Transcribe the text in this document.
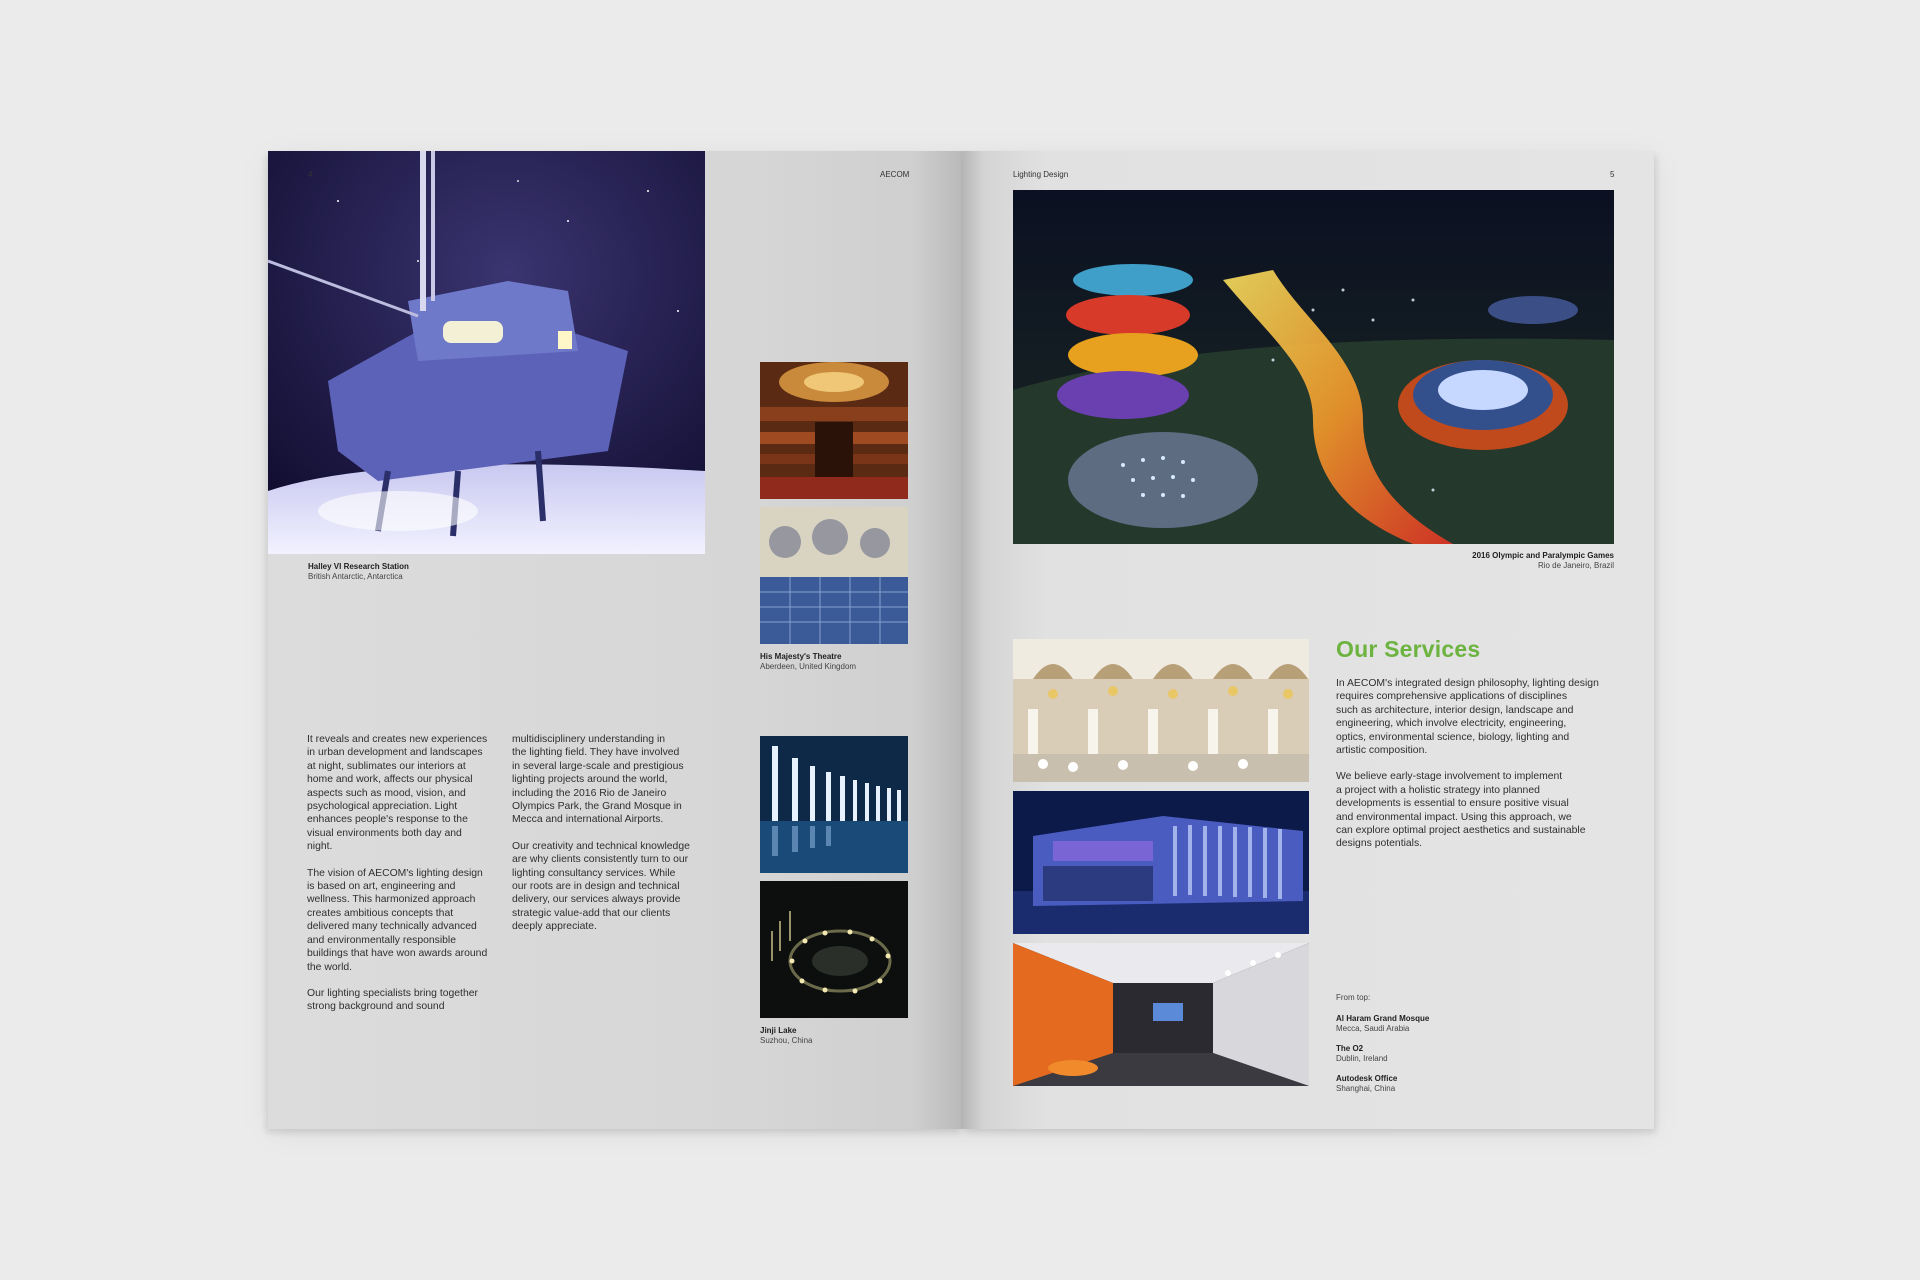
4	AECOM
Halley VI Research Station
British Antarctic, Antarctica
His Majesty's Theatre
Aberdeen, United Kingdom
Jinji Lake
Suzhou, China

It reveals and creates new experiences
in urban development and landscapes
at night, sublimates our interiors at
home and work, affects our physical
aspects such as mood, vision, and
psychological appreciation. Light
enhances people's response to the
visual environments both day and
night.

The vision of AECOM's lighting design
is based on art, engineering and
wellness. This harmonized approach
creates ambitious concepts that
delivered many technically advanced
and environmentally responsible
buildings that have won awards around
the world.

Our lighting specialists bring together
strong background and sound

multidisciplinery understanding in
the lighting field. They have involved
in several large-scale and prestigious
lighting projects around the world,
including the 2016 Rio de Janeiro
Olympics Park, the Grand Mosque in
Mecca and international Airports.

Our creativity and technical knowledge
are why clients consistently turn to our
lighting consultancy services. While
our roots are in design and technical
delivery, our services always provide
strategic value-add that our clients
deeply appreciate.

Lighting Design	5
2016 Olympic and Paralympic Games
Rio de Janeiro, Brazil
Our Services

In AECOM's integrated design philosophy, lighting design
requires comprehensive applications of disciplines
such as architecture, interior design, landscape and
engineering, which involve electricity, engineering,
optics, environmental science, biology, lighting and
artistic composition.

We believe early-stage involvement to implement
a project with a holistic strategy into planned
developments is essential to ensure positive visual
and environmental impact. Using this approach, we
can explore optimal project aesthetics and sustainable
designs potentials.

From top:
Al Haram Grand Mosque
Mecca, Saudi Arabia
The O2
Dublin, Ireland
Autodesk Office
Shanghai, China
